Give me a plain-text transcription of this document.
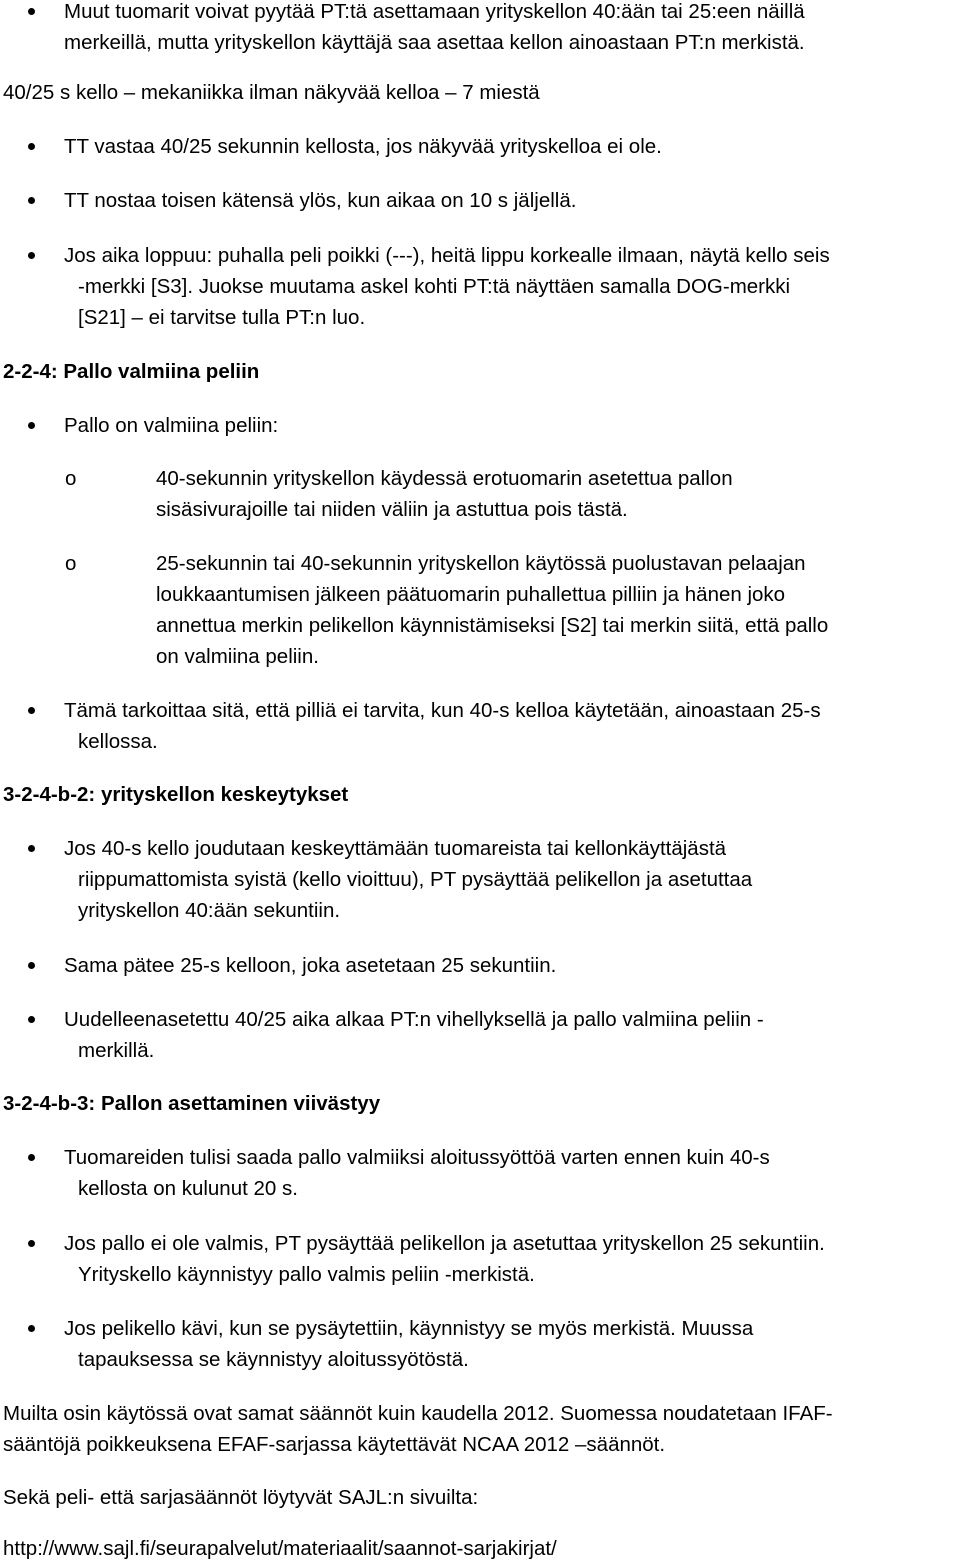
Muut tuomarit voivat pyytää PT:tä asettamaan yrityskellon 40:ään tai 25:een näillä
merkeillä, mutta yrityskellon käyttäjä saa asettaa kellon ainoastaan PT:n merkistä.
40/25 s kello – mekaniikka ilman näkyvää kelloa – 7 miestä
TT vastaa 40/25 sekunnin kellosta, jos näkyvää yrityskelloa ei ole.
TT nostaa toisen kätensä ylös, kun aikaa on 10 s jäljellä.
Jos aika loppuu: puhalla peli poikki (---), heitä lippu korkealle ilmaan, näytä kello seis
-merkki [S3]. Juokse muutama askel kohti PT:tä näyttäen samalla DOG-merkki
[S21] – ei tarvitse tulla PT:n luo.
2-2-4: Pallo valmiina peliin
Pallo on valmiina peliin:
o	40-sekunnin yrityskellon käydessä erotuomarin asetettua pallon
sisäsivurajoille tai niiden väliin ja astuttua pois tästä.
o	25-sekunnin tai 40-sekunnin yrityskellon käytössä puolustavan pelaajan
loukkaantumisen jälkeen päätuomarin puhallettua pilliin ja hänen joko
annettua merkin pelikellon käynnistämiseksi [S2] tai merkin siitä, että pallo
on valmiina peliin.
Tämä tarkoittaa sitä, että pilliä ei tarvita, kun 40-s kelloa käytetään, ainoastaan 25-s
kellossa.
3-2-4-b-2: yrityskellon keskeytykset
Jos 40-s kello joudutaan keskeyttämään tuomareista tai kellonkäyttäjästä
riippumattomista syistä (kello vioittuu), PT pysäyttää pelikellon ja asetuttaa
yrityskellon 40:ään sekuntiin.
Sama pätee 25-s kelloon, joka asetetaan 25 sekuntiin.
Uudelleenasetettu 40/25 aika alkaa PT:n vihellyksellä ja pallo valmiina peliin -
merkillä.
3-2-4-b-3: Pallon asettaminen viivästyy
Tuomareiden tulisi saada pallo valmiiksi aloitussyöttöä varten ennen kuin 40-s
kellosta on kulunut 20 s.
Jos pallo ei ole valmis, PT pysäyttää pelikellon ja asetuttaa yrityskellon 25 sekuntiin.
Yrityskello käynnistyy pallo valmis peliin -merkistä.
Jos pelikello kävi, kun se pysäytettiin, käynnistyy se myös merkistä. Muussa
tapauksessa se käynnistyy aloitussyötöstä.
Muilta osin käytössä ovat samat säännöt kuin kaudella 2012. Suomessa noudatetaan IFAF-
sääntöjä poikkeuksena EFAF-sarjassa käytettävät NCAA 2012 –säännöt.
Sekä peli- että sarjasäännöt löytyvät SAJL:n sivuilta:
http://www.sajl.fi/seurapalvelut/materiaalit/saannot-sarjakirjat/
